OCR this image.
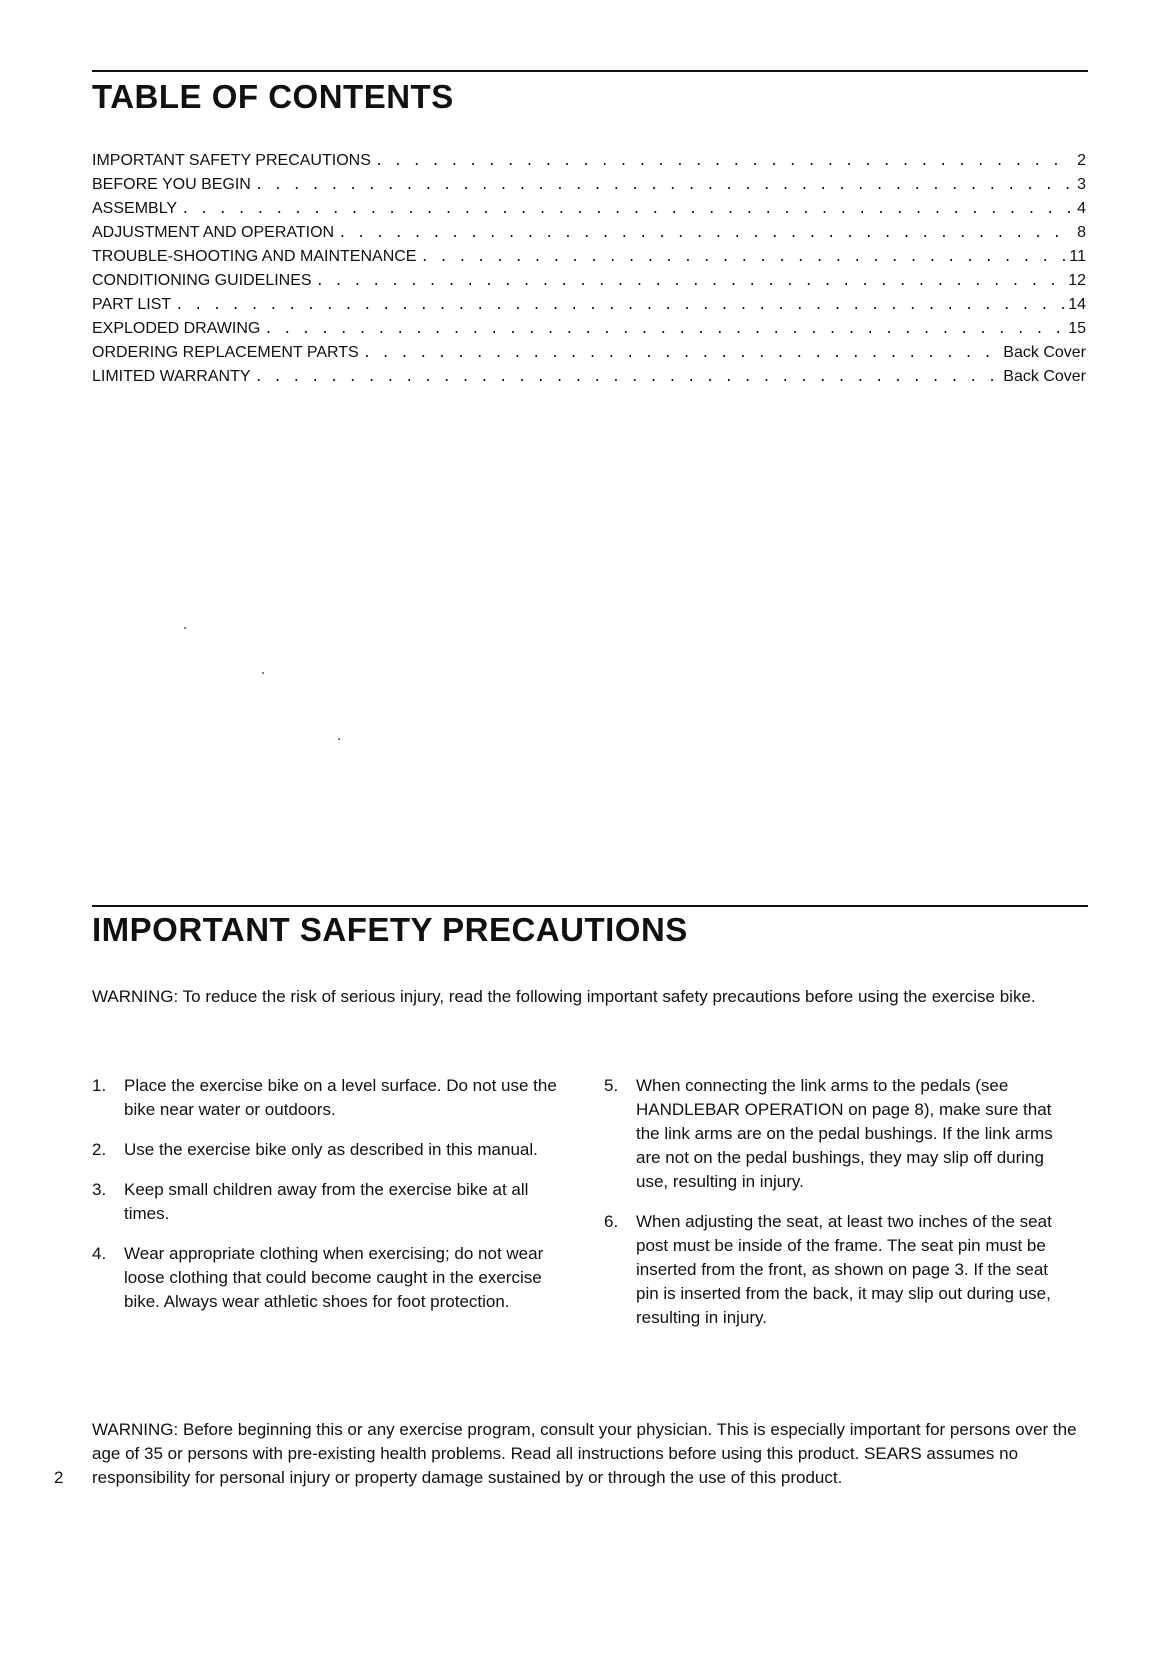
TABLE OF CONTENTS
IMPORTANT SAFETY PRECAUTIONS . . .	2
BEFORE YOU BEGIN . . .	3
ASSEMBLY . . .	4
ADJUSTMENT AND OPERATION . . .	8
TROUBLE-SHOOTING AND MAINTENANCE . . .	11
CONDITIONING GUIDELINES . . .	12
PART LIST . . .	14
EXPLODED DRAWING . . .	15
ORDERING REPLACEMENT PARTS . . .	Back Cover
LIMITED WARRANTY . . .	Back Cover
IMPORTANT SAFETY PRECAUTIONS

WARNING: To reduce the risk of serious injury, read the following important safety precautions before using the exercise bike.

1.	Place the exercise bike on a level surface. Do not use the bike near water or outdoors.
2.	Use the exercise bike only as described in this manual.
3.	Keep small children away from the exercise bike at all times.
4.	Wear appropriate clothing when exercising; do not wear loose clothing that could become caught in the exercise bike. Always wear athletic shoes for foot protection.
5.	When connecting the link arms to the pedals (see HANDLEBAR OPERATION on page 8), make sure that the link arms are on the pedal bushings. If the link arms are not on the pedal bushings, they may slip off during use, resulting in injury.
6.	When adjusting the seat, at least two inches of the seat post must be inside of the frame. The seat pin must be inserted from the front, as shown on page 3. If the seat pin is inserted from the back, it may slip out during use, resulting in injury.

WARNING: Before beginning this or any exercise program, consult your physician. This is especially important for persons over the age of 35 or persons with pre-existing health problems. Read all instructions before using this product. SEARS assumes no responsibility for personal injury or property damage sustained by or through the use of this product.

2
